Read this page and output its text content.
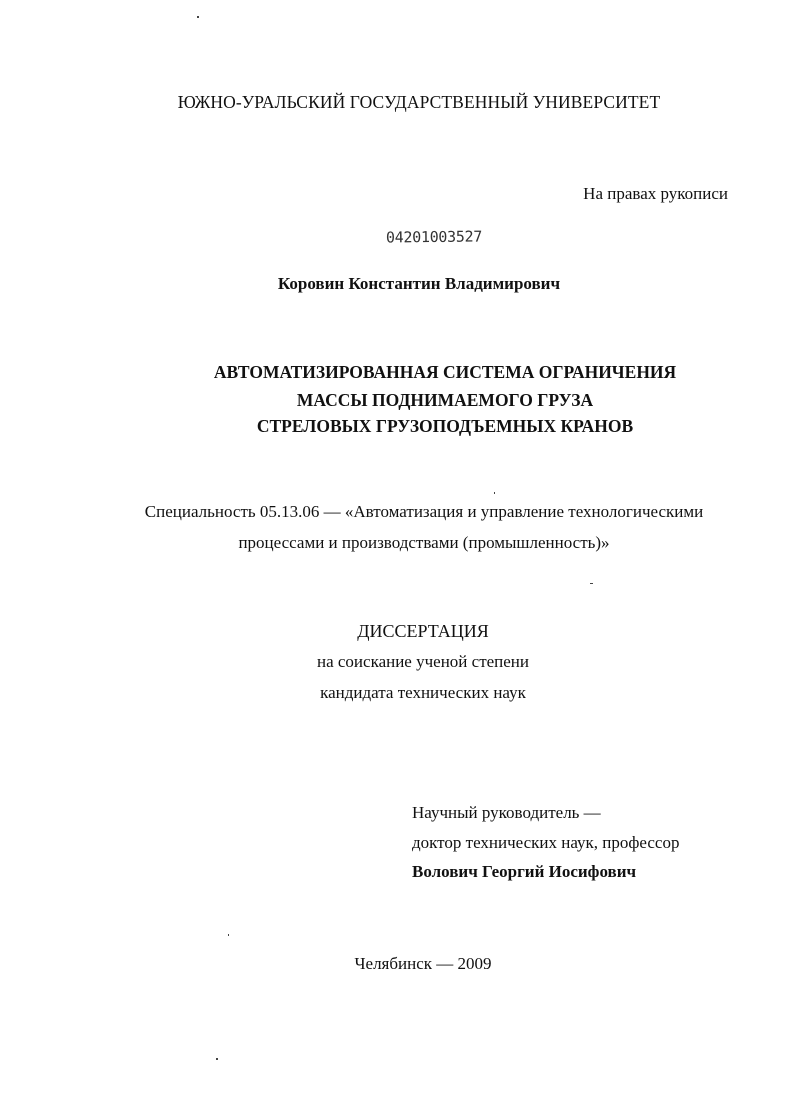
ЮЖНО-УРАЛЬСКИЙ ГОСУДАРСТВЕННЫЙ УНИВЕРСИТЕТ
На правах рукописи
04201003527
Коровин Константин Владимирович
АВТОМАТИЗИРОВАННАЯ СИСТЕМА ОГРАНИЧЕНИЯ
МАССЫ ПОДНИМАЕМОГО ГРУЗА
СТРЕЛОВЫХ ГРУЗОПОДЪЕМНЫХ КРАНОВ
Специальность 05.13.06 — «Автоматизация и управление технологическими
процессами и производствами (промышленность)»
ДИССЕРТАЦИЯ
на соискание ученой степени
кандидата технических наук
Научный руководитель —
доктор технических наук, профессор
Волович Георгий Иосифович
Челябинск — 2009
